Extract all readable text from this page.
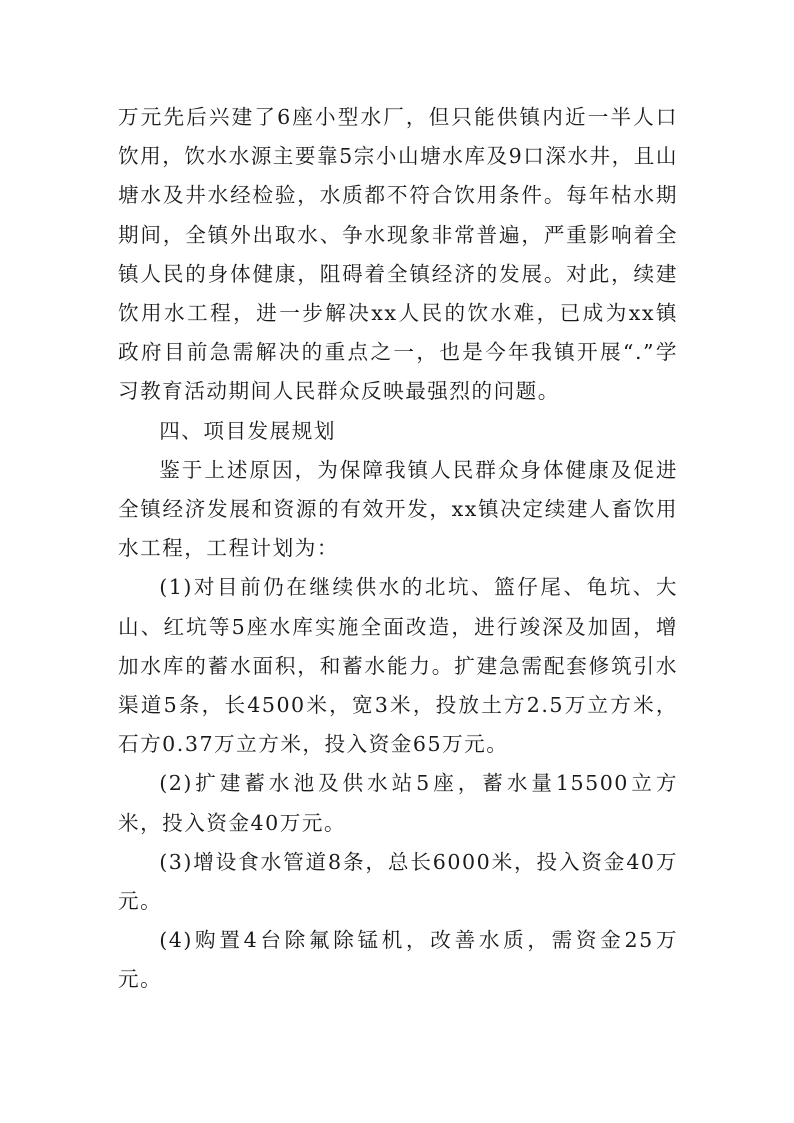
万元先后兴建了6座小型水厂，但只能供镇内近一半人口饮用，饮水水源主要靠5宗小山塘水库及9口深水井，且山塘水及井水经检验，水质都不符合饮用条件。每年枯水期期间，全镇外出取水、争水现象非常普遍，严重影响着全镇人民的身体健康，阻碍着全镇经济的发展。对此，续建饮用水工程，进一步解决xx人民的饮水难，已成为xx镇政府目前急需解决的重点之一，也是今年我镇开展“.”学习教育活动期间人民群众反映最强烈的问题。

四、项目发展规划

鉴于上述原因，为保障我镇人民群众身体健康及促进全镇经济发展和资源的有效开发，xx镇决定续建人畜饮用水工程，工程计划为：

(1)对目前仍在继续供水的北坑、篮仔尾、龟坑、大山、红坑等5座水库实施全面改造，进行竣深及加固，增加水库的蓄水面积，和蓄水能力。扩建急需配套修筑引水渠道5条，长4500米，宽3米，投放土方2.5万立方米，石方0.37万立方米，投入资金65万元。

(2)扩建蓄水池及供水站5座，蓄水量15500立方米，投入资金40万元。

(3)增设食水管道8条，总长6000米，投入资金40万元。

(4)购置4台除氟除锰机，改善水质，需资金25万元。
